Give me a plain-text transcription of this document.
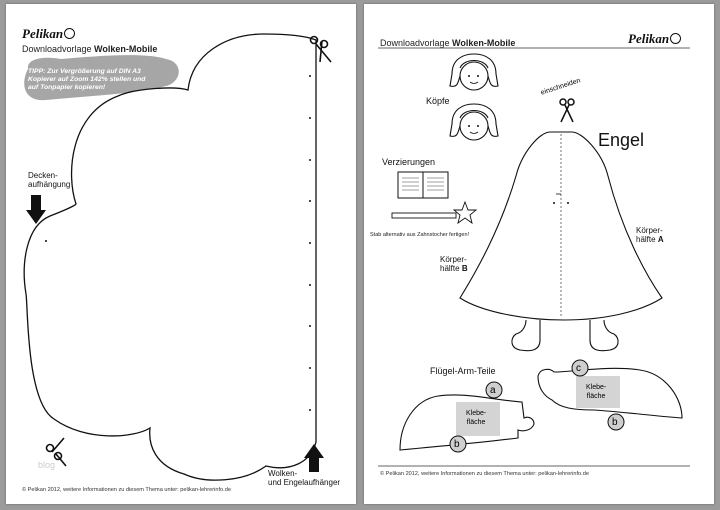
Pelikan
Downloadvorlage Wolken-Mobile
TIPP: Zur Vergrößerung auf DIN A3
Kopierer auf Zoom 142% stellen und
auf Tonpapier kopieren!
Decken-
aufhängung
Wolken-
und Engelaufhänger
blog
© Pelikan 2012, weitere Informationen zu diesem Thema unter: pelikan-lehrerinfo.de
Downloadvorlage Wolken-Mobile	Pelikan
Köpfe
einschneiden
Engel
Körper-
hälfte A
Körper-
hälfte B
Verzierungen
Stab alternativ aus Zahnstocher fertigen!
Flügel-Arm-Teile
a
b
c
b
Klebe-
fläche
Klebe-
fläche
© Pelikan 2012, weitere Informationen zu diesem Thema unter: pelikan-lehrerinfo.de
